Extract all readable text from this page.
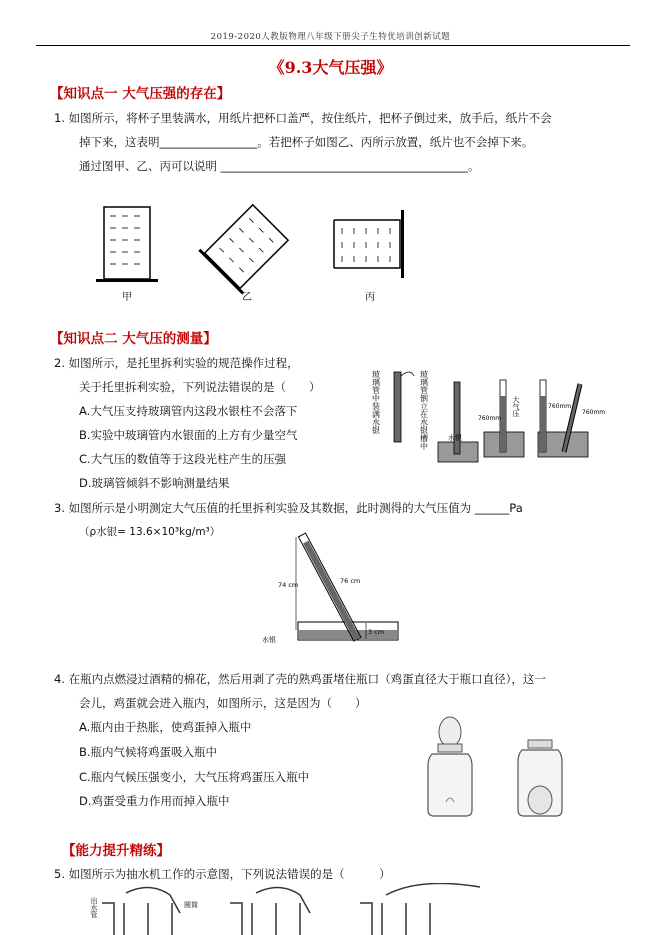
2019-2020人教版物理八年级下册尖子生特优培训创新试题
《9.3大气压强》
【知识点一 大气压强的存在】
1. 如图所示，将杯子里装满水，用纸片把杯口盖严，按住纸片，把杯子倒过来，放手后，纸片不会
掉下来，这表明_________________。若把杯子如图乙、丙所示放置，纸片也不会掉下来。
通过图甲、乙、丙可以说明 ___________________________________________。
甲	乙	丙
【知识点二 大气压的测量】
2. 如图所示，是托里拆利实验的规范操作过程，
关于托里拆利实验，下列说法错误的是（　　）
A.大气压支持玻璃管内这段水银柱不会落下
B.实验中玻璃管内水银面的上方有少量空气
C.大气压的数值等于这段光柱产生的压强
D.玻璃管倾斜不影响测量结果
玻璃管中装满水银	玻璃管倒立在水银槽中	水银
760mm
大气压	760mm
760mm
3. 如图所示是小明测定大气压值的托里拆利实验及其数据，此时测得的大气压值为 ______Pa
（ρ水银= 13.6×10³kg/m³）
74 cm	76 cm
3 cm
水银
4. 在瓶内点燃浸过酒精的棉花，然后用剥了壳的熟鸡蛋堵住瓶口（鸡蛋直径大于瓶口直径），这一
会儿，鸡蛋就会进入瓶内，如图所示，这是因为（　　）
A.瓶内由于热胀，使鸡蛋掉入瓶中
B.瓶内气候将鸡蛋吸入瓶中
C.瓶内气候压强变小，大气压将鸡蛋压入瓶中
D.鸡蛋受重力作用而掉入瓶中
【能力提升精练】
5. 如图所示为抽水机工作的示意图，下列说法错误的是（　　　）
出水管	圆筒
